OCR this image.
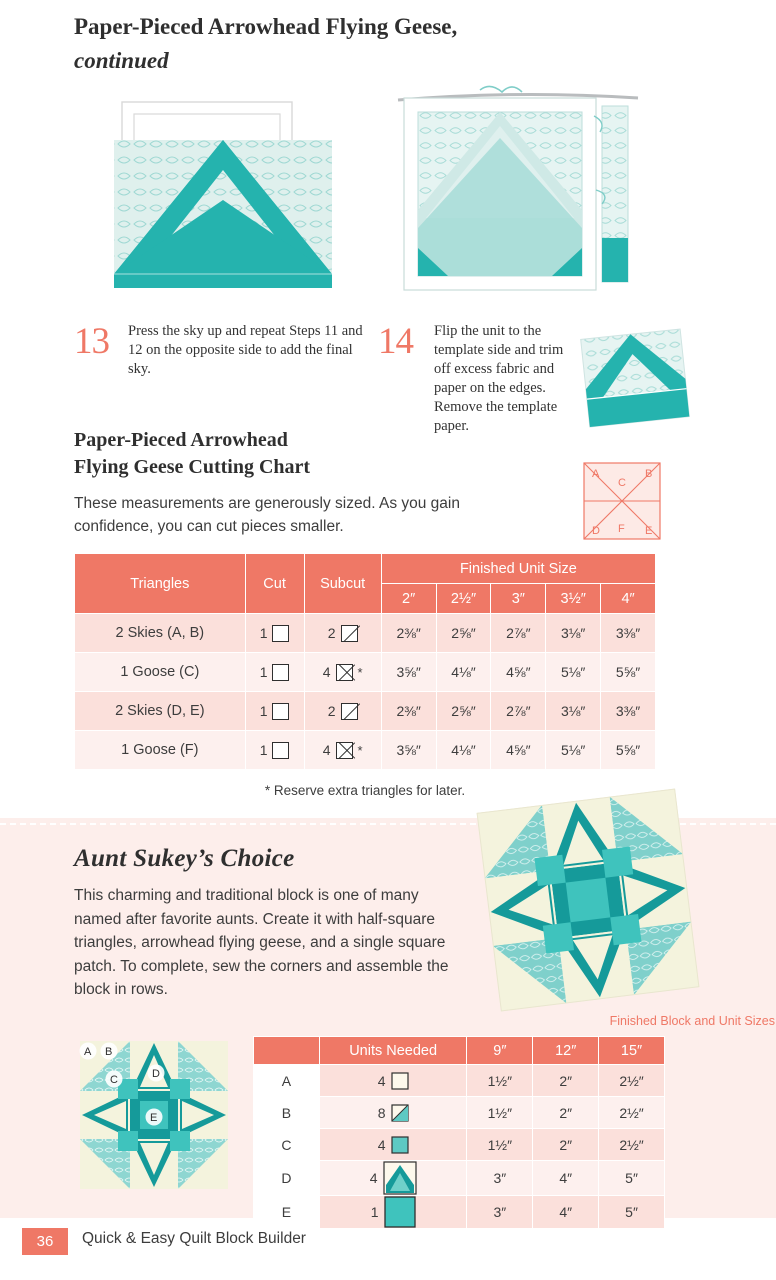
Paper-Pieced Arrowhead Flying Geese,
continued
13	Press the sky up and repeat Steps 11 and 12 on the opposite side to add the final sky.
14	Flip the unit to the template side and trim off excess fabric and paper on the edges. Remove the template paper.
Paper-Pieced Arrowhead
Flying Geese Cutting Chart
These measurements are generously sized. As you gain confidence, you can cut pieces smaller.
A	B
C
D	E
F
Triangles	Cut	Subcut	Finished Unit Size				
			2″	2½″	3″	3½″	4″
2 Skies (A, B)	1	2	2⅜″	2⅝″	2⅞″	3⅛″	3⅜″
1 Goose (C)	1	4 *	3⅝″	4⅛″	4⅝″	5⅛″	5⅝″
2 Skies (D, E)	1	2	2⅜″	2⅝″	2⅞″	3⅛″	3⅜″
1 Goose (F)	1	4 *	3⅝″	4⅛″	4⅝″	5⅛″	5⅝″
* Reserve extra triangles for later.
Aunt Sukey’s Choice
This charming and traditional block is one of many named after favorite aunts. Create it with half-square triangles, arrowhead flying geese, and a single square patch. To complete, sew the corners and assemble the block in rows.
Finished Block and Unit Sizes
A B
C	D
E
	Units Needed	9″	12″	15″
A	4	1½″	2″	2½″
B	8	1½″	2″	2½″
C	4	1½″	2″	2½″
D	4	3″	4″	5″
E	1	3″	4″	5″
36	Quick & Easy Quilt Block Builder
